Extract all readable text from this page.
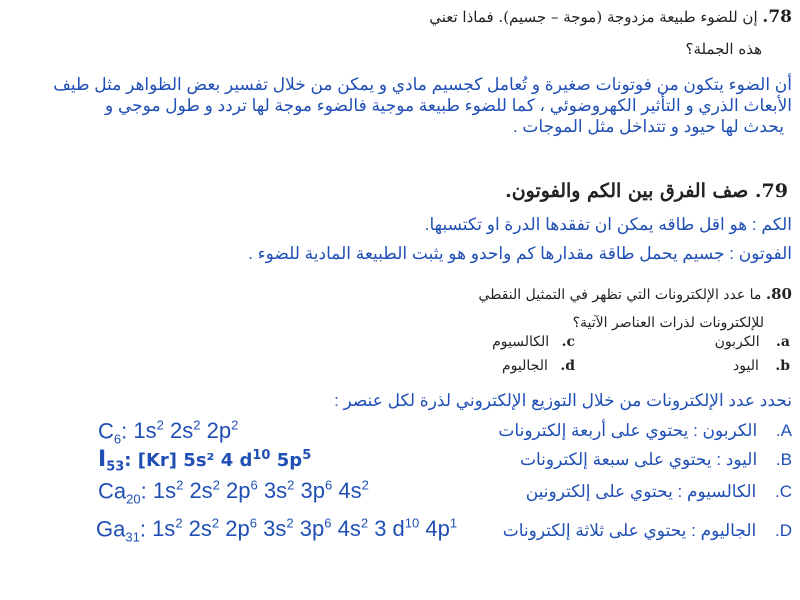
78. إن للضوء طبيعة مزدوجة (موجة – جسيم). فماذا تعني
هذه الجملة؟
أن الضوء يتكون من فوتونات صغيرة و تُعامل كجسيم مادي و يمكن من خلال تفسير بعض الظواهر مثل طيف
الأبعاث الذري و التأثير الكهروضوئي ، كما للضوء طبيعة موجية فالضوء موجة لها تردد و طول موجي و
يحدث لها حيود و تتداخل مثل الموجات .
79. صف الفرق بين الكم والفوتون.
الكم : هو اقل طاقه يمكن ان تفقدها الدرة او تكتسبها.
الفوتون : جسيم يحمل طاقة مقدارها كم واحدو هو يثبت الطبيعة المادية للضوء .
80. ما عدد الإلكترونات التي تظهر في التمثيل النقطي
للإلكترونات لذرات العناصر الآتية؟
a. الكربون
c. الكالسيوم
b. اليود
d. الجاليوم
نحدد عدد الإلكترونات من خلال التوزيع الإلكتروني لذرة لكل عنصر :
A. الكربون : يحتوي على أربعة إلكترونات
$C_6$: $1s^2$ $2s^2$ $2p^2$
B. اليود : يحتوي على سبعة إلكترونات
$I_{53}$: [Kr] 5s² 4 $d^{10}$ $5p^5$
C. الكالسيوم : يحتوي على إلكترونين
$Ca_{20}$: $1s^2$ $2s^2$ $2p^6$ $3s^2$ $3p^6$ $4s^2$
D. الجاليوم : يحتوي على ثلاثة إلكترونات
$Ga_{31}$: $1s^2$ $2s^2$ $2p^6$ $3s^2$ $3p^6$ $4s^2$ 3 $d^{10}$ $4p^1$
